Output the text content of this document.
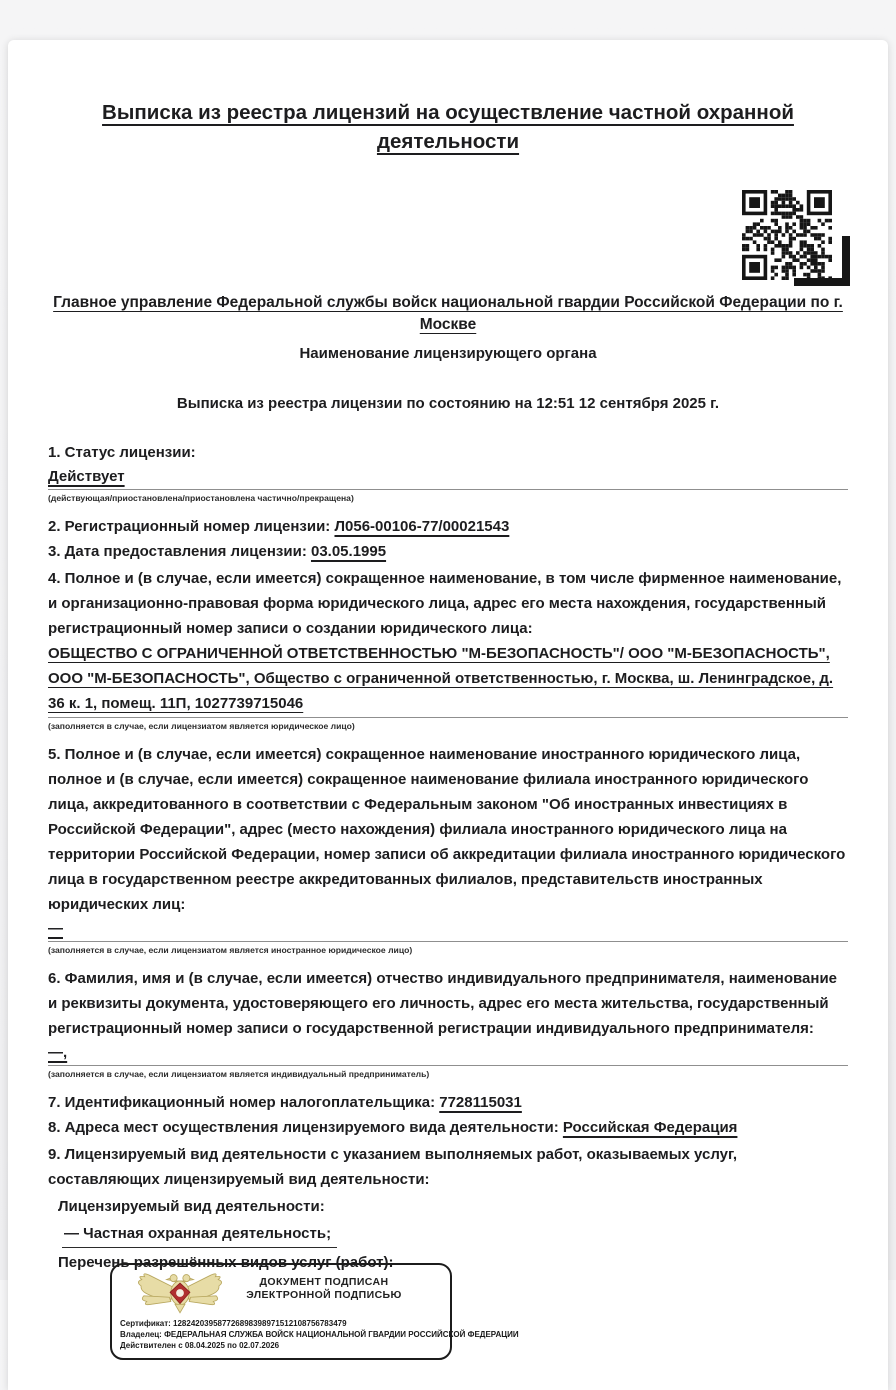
Выписка из реестра лицензий на осуществление частной охранной деятельности
Главное управление Федеральной службы войск национальной гвардии Российской Федерации по г. Москве
Наименование лицензирующего органа
Выписка из реестра лицензии по состоянию на 12:51 12 сентября 2025 г.

1. Статус лицензии:

Действует

(действующая/приостановлена/приостановлена частично/прекращена)

2. Регистрационный номер лицензии: Л056-00106-77/00021543

3. Дата предоставления лицензии: 03.05.1995

4. Полное и (в случае, если имеется) сокращенное наименование, в том числе фирменное наименование, и организационно-правовая форма юридического лица, адрес его места нахождения, государственный регистрационный номер записи о создании юридического лица:

ОБЩЕСТВО С ОГРАНИЧЕННОЙ ОТВЕТСТВЕННОСТЬЮ "М-БЕЗОПАСНОСТЬ"/ ООО "М-БЕЗОПАСНОСТЬ", ООО "М-БЕЗОПАСНОСТЬ", Общество с ограниченной ответственностью, г. Москва, ш. Ленинградское, д. 36 к. 1, помещ. 11П, 1027739715046

(заполняется в случае, если лицензиатом является юридическое лицо)

5. Полное и (в случае, если имеется) сокращенное наименование иностранного юридического лица, полное и (в случае, если имеется) сокращенное наименование филиала иностранного юридического лица, аккредитованного в соответствии с Федеральным законом "Об иностранных инвестициях в Российской Федерации", адрес (место нахождения) филиала иностранного юридического лица на территории Российской Федерации, номер записи об аккредитации филиала иностранного юридического лица в государственном реестре аккредитованных филиалов, представительств иностранных юридических лиц:

—

(заполняется в случае, если лицензиатом является иностранное юридическое лицо)

6. Фамилия, имя и (в случае, если имеется) отчество индивидуального предпринимателя, наименование и реквизиты документа, удостоверяющего его личность, адрес его места жительства, государственный регистрационный номер записи о государственной регистрации индивидуального предпринимателя:

—,

(заполняется в случае, если лицензиатом является индивидуальный предприниматель)

7. Идентификационный номер налогоплательщика: 7728115031

8. Адреса мест осуществления лицензируемого вида деятельности: Российская Федерация

9. Лицензируемый вид деятельности с указанием выполняемых работ, оказываемых услуг, составляющих лицензируемый вид деятельности:

Лицензируемый вид деятельности:

— Частная охранная деятельность;

Перечень разрешённых видов услуг (работ):

ДОКУМЕНТ ПОДПИСАН
ЭЛЕКТРОННОЙ ПОДПИСЬЮ
Сертификат: 128242039587726898398971512108756783479
Владелец: ФЕДЕРАЛЬНАЯ СЛУЖБА ВОЙСК НАЦИОНАЛЬНОЙ ГВАРДИИ РОССИЙСКОЙ ФЕДЕРАЦИИ
Действителен с 08.04.2025 по 02.07.2026
